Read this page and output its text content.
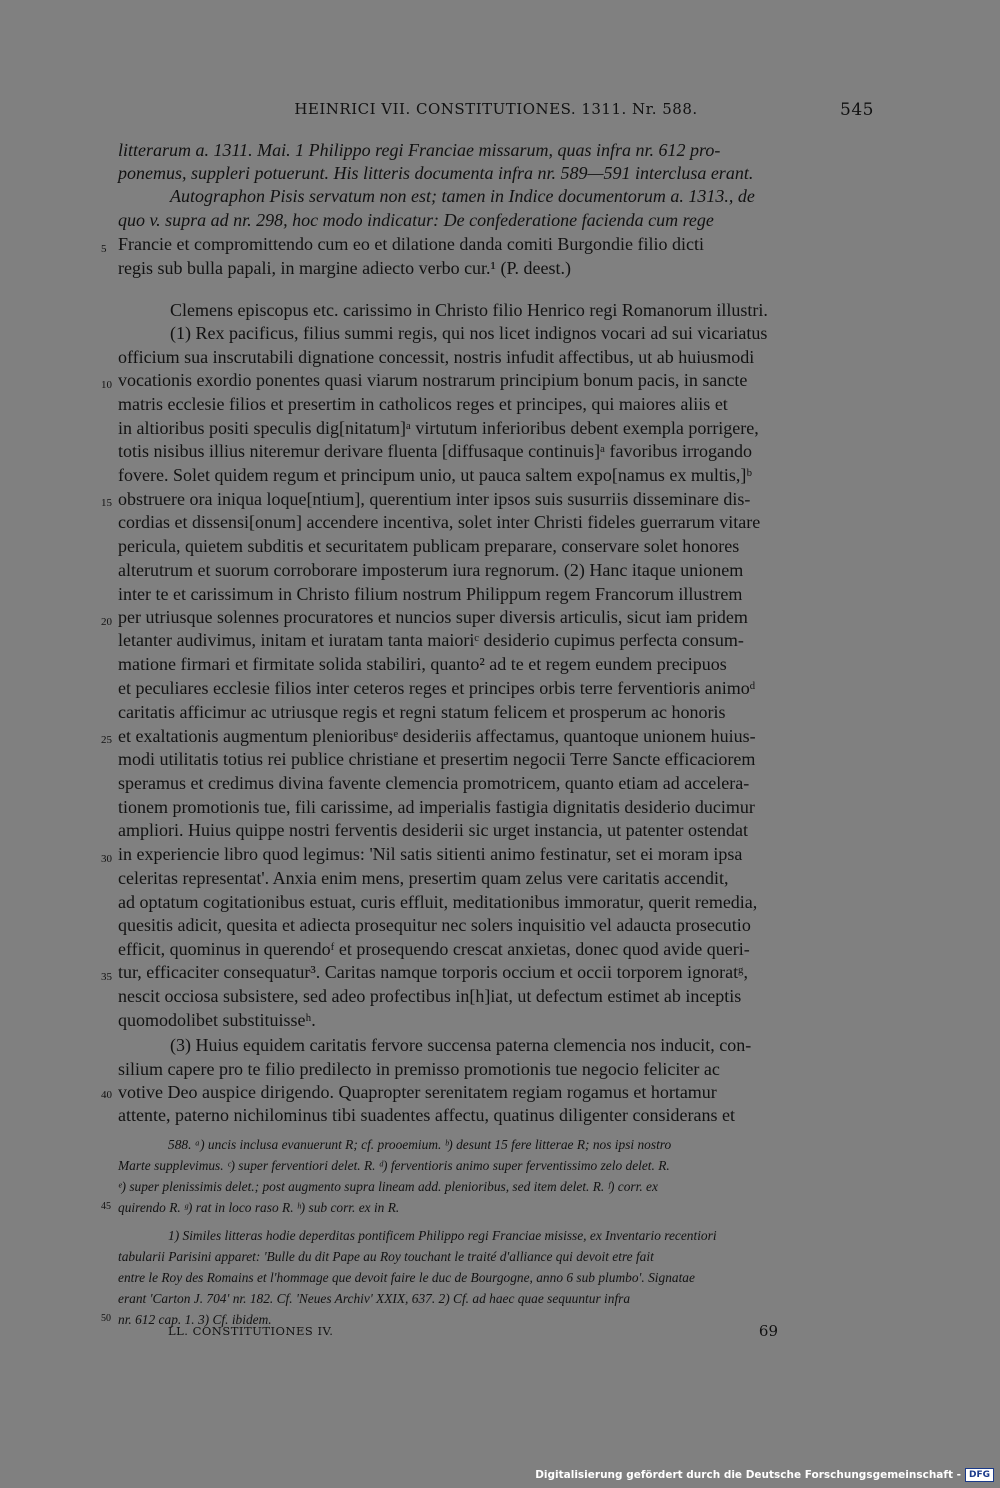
HEINRICI VII. CONSTITUTIONES. 1311. Nr. 588.	545
litterarum a. 1311. Mai. 1 Philippo regi Franciae missarum, quas infra nr. 612 pro-
ponemus, suppleri potuerunt. His litteris documenta infra nr. 589—591 interclusa erant.
Autographon Pisis servatum non est; tamen in Indice documentorum a. 1313., de
quo v. supra ad nr. 298, hoc modo indicatur: De confederatione facienda cum rege
Francie et compromittendo cum eo et dilatione danda comiti Burgondie filio dicti
regis sub bulla papali, in margine adiecto verbo cur.¹ (P. deest.)
Clemens episcopus etc. carissimo in Christo filio Henrico regi Romanorum illustri.
(1) Rex pacificus, filius summi regis, qui nos licet indignos vocari ad sui vicariatus
officium sua inscrutabili dignatione concessit, nostris infudit affectibus, ut ab huiusmodi
vocationis exordio ponentes quasi viarum nostrarum principium bonum pacis, in sancte
matris ecclesie filios et presertim in catholicos reges et principes, qui maiores aliis et
in altioribus positi speculis dig[nitatum]ᵃ virtutum inferioribus debent exempla porrigere,
totis nisibus illius niteremur derivare fluenta [diffusaque continuis]ᵃ favoribus irrogando
fovere. Solet quidem regum et principum unio, ut pauca saltem expo[namus ex multis,]ᵇ
obstruere ora iniqua loque[ntium], querentium inter ipsos suis susurriis disseminare dis-
cordias et dissensi[onum] accendere incentiva, solet inter Christi fideles guerrarum vitare
pericula, quietem subditis et securitatem publicam preparare, conservare solet honores
alterutrum et suorum corroborare imposterum iura regnorum. (2) Hanc itaque unionem
inter te et carissimum in Christo filium nostrum Philippum regem Francorum illustrem
per utriusque solennes procuratores et nuncios super diversis articulis, sicut iam pridem
letanter audivimus, initam et iuratam tanta maioriᶜ desiderio cupimus perfecta consum-
matione firmari et firmitate solida stabiliri, quanto² ad te et regem eundem precipuos
et peculiares ecclesie filios inter ceteros reges et principes orbis terre ferventioris animoᵈ
caritatis afficimur ac utriusque regis et regni statum felicem et prosperum ac honoris
et exaltationis augmentum plenioribusᵉ desideriis affectamus, quantoque unionem huius-
modi utilitatis totius rei publice christiane et presertim negocii Terre Sancte efficaciorem
speramus et credimus divina favente clemencia promotricem, quanto etiam ad accelera-
tionem promotionis tue, fili carissime, ad imperialis fastigia dignitatis desiderio ducimur
ampliori. Huius quippe nostri ferventis desiderii sic urget instancia, ut patenter ostendat
in experiencie libro quod legimus: 'Nil satis sitienti animo festinatur, set ei moram ipsa
celeritas representat'. Anxia enim mens, presertim quam zelus vere caritatis accendit,
ad optatum cogitationibus estuat, curis effluit, meditationibus immoratur, querit remedia,
quesitis adicit, quesita et adiecta prosequitur nec solers inquisitio vel adaucta prosecutio
efficit, quominus in querendoᶠ et prosequendo crescat anxietas, donec quod avide queri-
tur, efficaciter consequatur³. Caritas namque torporis occium et occii torporem ignoratᵍ,
nescit occiosa subsistere, sed adeo profectibus in[h]iat, ut defectum estimet ab inceptis
quomodolibet substituisseʰ.
(3) Huius equidem caritatis fervore succensa paterna clemencia nos inducit, con-
silium capere pro te filio predilecto in premisso promotionis tue negocio feliciter ac
votive Deo auspice dirigendo. Quapropter serenitatem regiam rogamus et hortamur
attente, paterno nichilominus tibi suadentes affectu, quatinus diligenter considerans et
5
10
15
20
25
30
35
40
588. ᵃ) uncis inclusa evanuerunt R; cf. prooemium. ᵇ) desunt 15 fere litterae R; nos ipsi nostro
Marte supplevimus. ᶜ) super ferventiori delet. R. ᵈ) ferventioris animo super ferventissimo zelo delet. R.
ᵉ) super plenissimis delet.; post augmento supra lineam add. plenioribus, sed item delet. R. ᶠ) corr. ex
quirendo R. ᵍ) rat in loco raso R. ʰ) sub corr. ex in R.
45
1) Similes litteras hodie deperditas pontificem Philippo regi Franciae misisse, ex Inventario recentiori
tabularii Parisini apparet: 'Bulle du dit Pape au Roy touchant le traité d'alliance qui devoit etre fait
entre le Roy des Romains et l'hommage que devoit faire le duc de Bourgogne, anno 6 sub plumbo'. Signatae
erant 'Carton J. 704' nr. 182. Cf. 'Neues Archiv' XXIX, 637. 2) Cf. ad haec quae sequuntur infra
nr. 612 cap. 1. 3) Cf. ibidem.
50
LL. CONSTITUTIONES IV.	69
Digitalisierung gefördert durch die Deutsche Forschungsgemeinschaft - DFG
